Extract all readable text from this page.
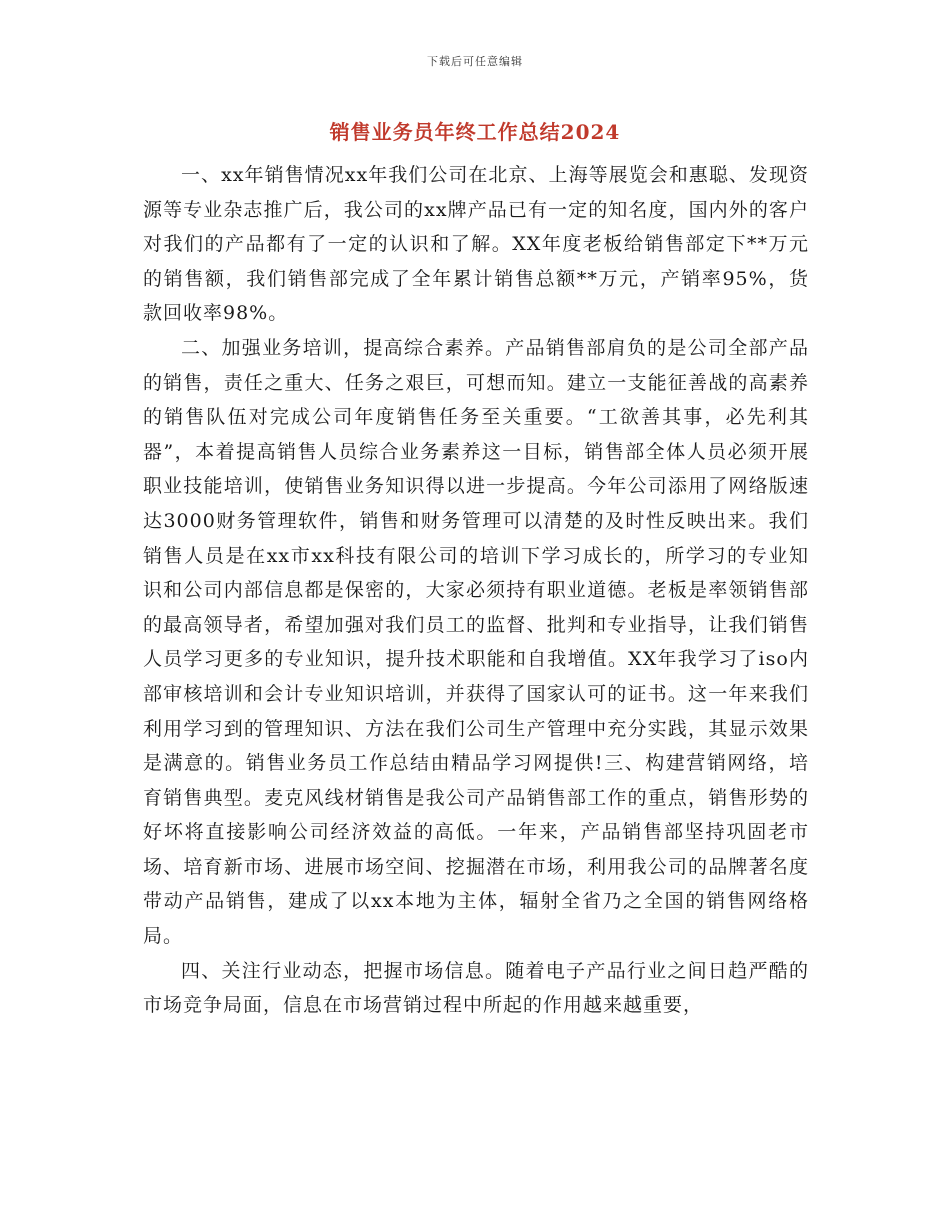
下载后可任意编辑
销售业务员年终工作总结2024

一、xx年销售情况xx年我们公司在北京、上海等展览会和惠聪、发现资源等专业杂志推广后，我公司的xx牌产品已有一定的知名度，国内外的客户对我们的产品都有了一定的认识和了解。XX年度老板给销售部定下**万元的销售额，我们销售部完成了全年累计销售总额**万元，产销率95%，货款回收率98%。

二、加强业务培训，提高综合素养。产品销售部肩负的是公司全部产品的销售，责任之重大、任务之艰巨，可想而知。建立一支能征善战的高素养的销售队伍对完成公司年度销售任务至关重要。“工欲善其事，必先利其器”，本着提高销售人员综合业务素养这一目标，销售部全体人员必须开展职业技能培训，使销售业务知识得以进一步提高。今年公司添用了网络版速达3000财务管理软件，销售和财务管理可以清楚的及时性反映出来。我们销售人员是在xx市xx科技有限公司的培训下学习成长的，所学习的专业知识和公司内部信息都是保密的，大家必须持有职业道德。老板是率领销售部的最高领导者，希望加强对我们员工的监督、批判和专业指导，让我们销售人员学习更多的专业知识，提升技术职能和自我增值。XX年我学习了iso内部审核培训和会计专业知识培训，并获得了国家认可的证书。这一年来我们利用学习到的管理知识、方法在我们公司生产管理中充分实践，其显示效果是满意的。销售业务员工作总结由精品学习网提供!三、构建营销网络，培育销售典型。麦克风线材销售是我公司产品销售部工作的重点，销售形势的好坏将直接影响公司经济效益的高低。一年来，产品销售部坚持巩固老市场、培育新市场、进展市场空间、挖掘潜在市场，利用我公司的品牌著名度带动产品销售，建成了以xx本地为主体，辐射全省乃之全国的销售网络格局。

四、关注行业动态，把握市场信息。随着电子产品行业之间日趋严酷的市场竞争局面，信息在市场营销过程中所起的作用越来越重要，
